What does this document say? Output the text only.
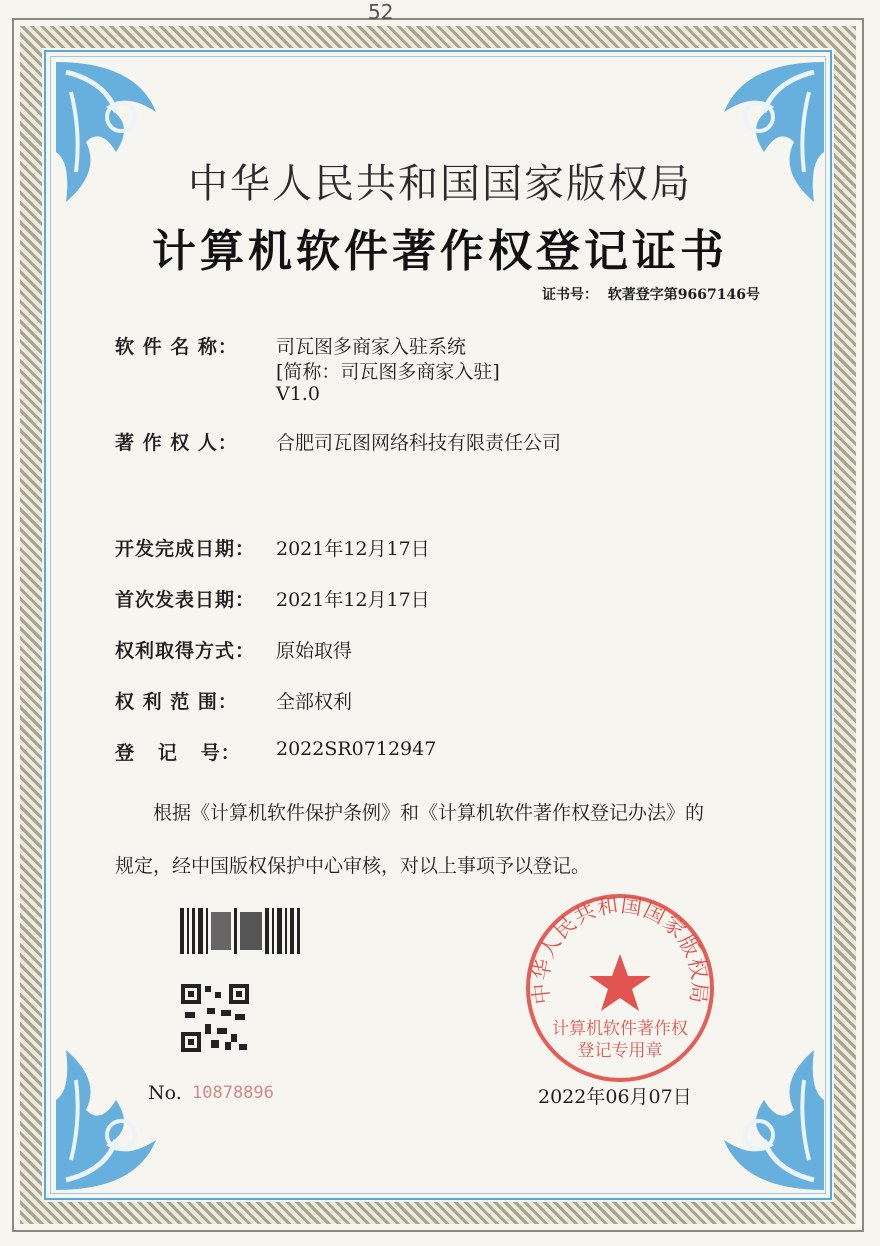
52
中华人民共和国国家版权局
计算机软件著作权登记证书
证书号： 软著登字第9667146号
软 件 名 称： 司瓦图多商家入驻系统
[简称：司瓦图多商家入驻]
V1.0
著 作 权 人： 合肥司瓦图网络科技有限责任公司
开发完成日期： 2021年12月17日
首次发表日期： 2021年12月17日
权利取得方式： 原始取得
权 利 范 围： 全部权利
登   记   号： 2022SR0712947
根据《计算机软件保护条例》和《计算机软件著作权登记办法》的
规定，经中国版权保护中心审核，对以上事项予以登记。
中华人民共和国国家版权局
计算机软件著作权
登记专用章
No. 10878896	2022年06月07日
